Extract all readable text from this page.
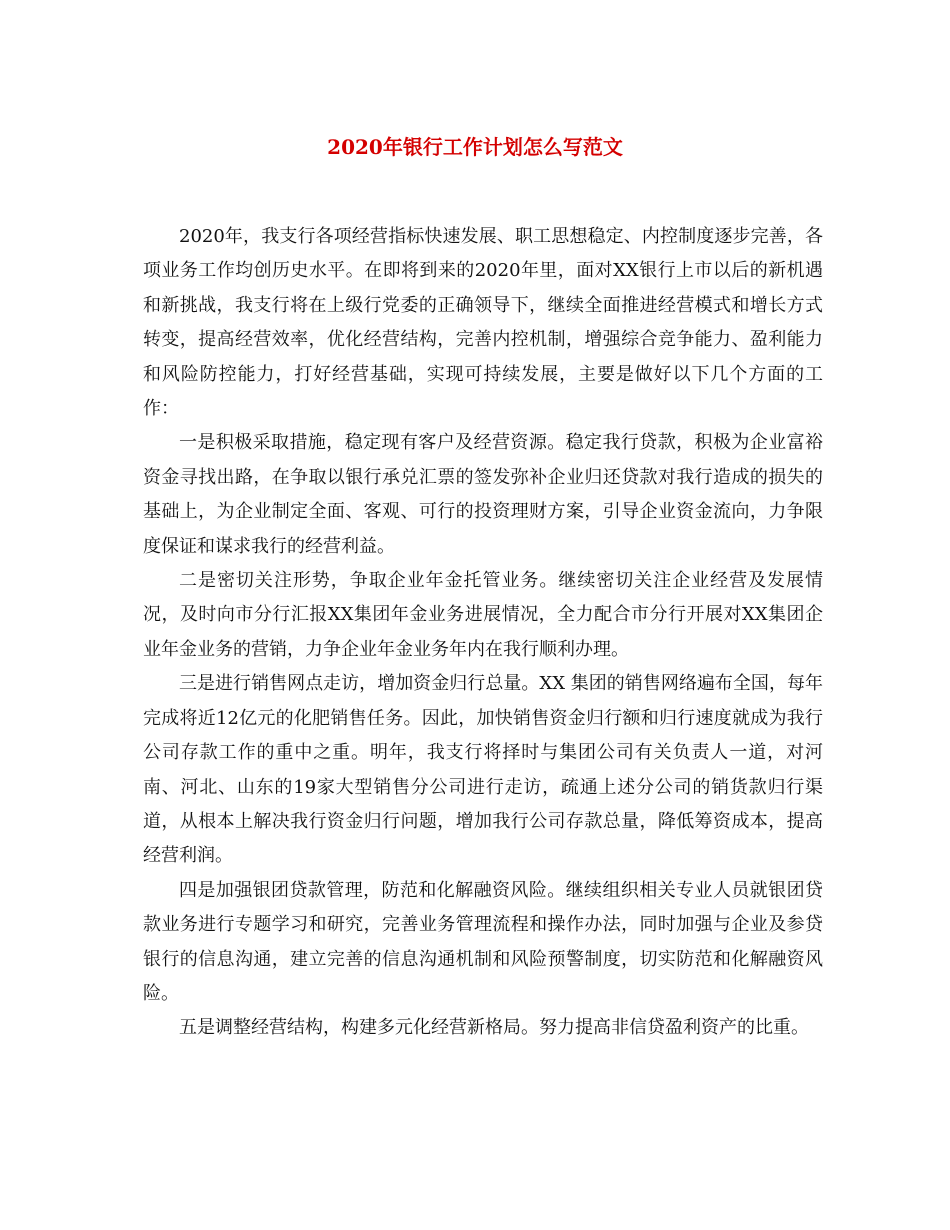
2020年银行工作计划怎么写范文

2020年，我支行各项经营指标快速发展、职工思想稳定、内控制度逐步完善，各项业务工作均创历史水平。在即将到来的2020年里，面对XX银行上市以后的新机遇和新挑战，我支行将在上级行党委的正确领导下，继续全面推进经营模式和增长方式转变，提高经营效率，优化经营结构，完善内控机制，增强综合竞争能力、盈利能力和风险防控能力，打好经营基础，实现可持续发展，主要是做好以下几个方面的工作：

一是积极采取措施，稳定现有客户及经营资源。稳定我行贷款，积极为企业富裕资金寻找出路，在争取以银行承兑汇票的签发弥补企业归还贷款对我行造成的损失的基础上，为企业制定全面、客观、可行的投资理财方案，引导企业资金流向，力争限度保证和谋求我行的经营利益。

二是密切关注形势，争取企业年金托管业务。继续密切关注企业经营及发展情况，及时向市分行汇报XX集团年金业务进展情况，全力配合市分行开展对XX集团企业年金业务的营销，力争企业年金业务年内在我行顺利办理。

三是进行销售网点走访，增加资金归行总量。XX 集团的销售网络遍布全国，每年完成将近12亿元的化肥销售任务。因此，加快销售资金归行额和归行速度就成为我行公司存款工作的重中之重。明年，我支行将择时与集团公司有关负责人一道，对河南、河北、山东的19家大型销售分公司进行走访，疏通上述分公司的销货款归行渠道，从根本上解决我行资金归行问题，增加我行公司存款总量，降低筹资成本，提高经营利润。

四是加强银团贷款管理，防范和化解融资风险。继续组织相关专业人员就银团贷款业务进行专题学习和研究，完善业务管理流程和操作办法，同时加强与企业及参贷银行的信息沟通，建立完善的信息沟通机制和风险预警制度，切实防范和化解融资风险。

五是调整经营结构，构建多元化经营新格局。努力提高非信贷盈利资产的比重。
